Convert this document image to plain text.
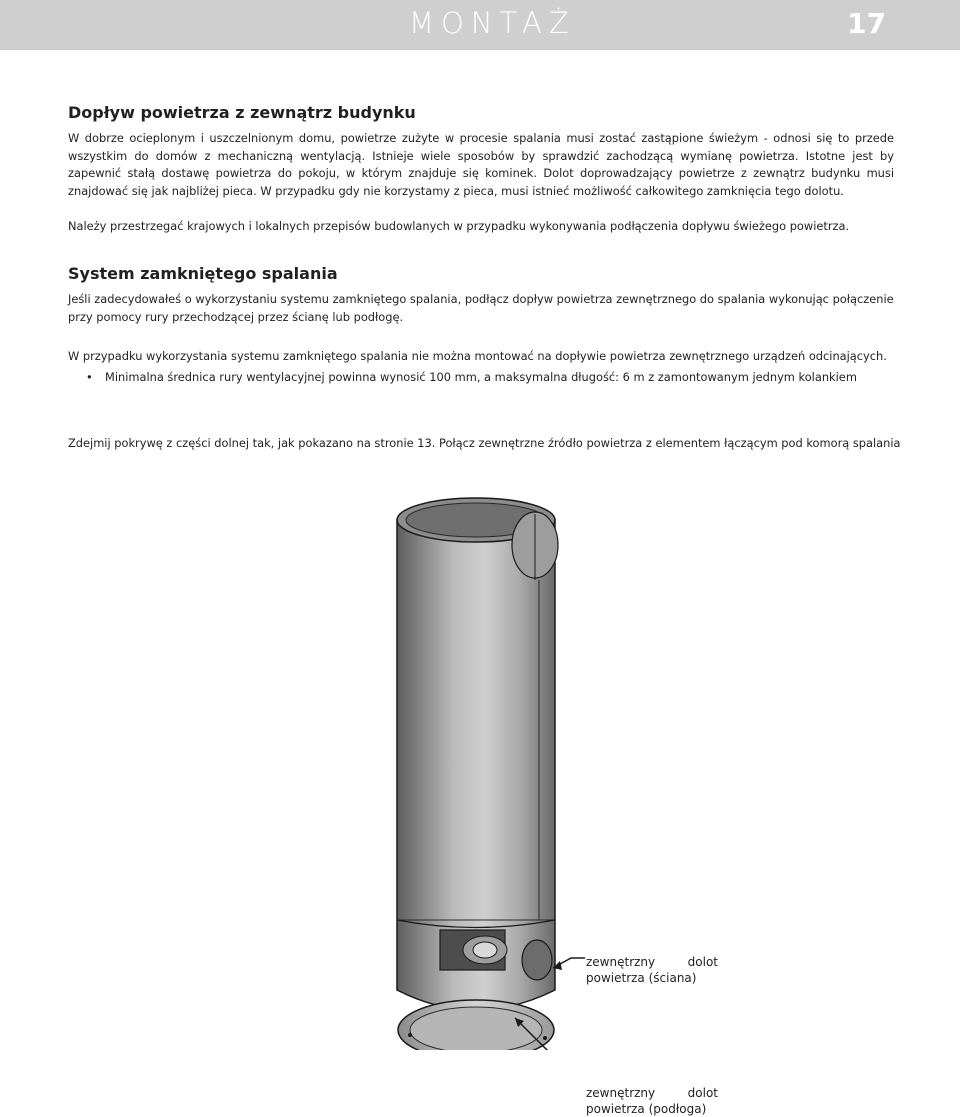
MONTAŻ	17
Dopływ powietrza z zewnątrz budynku

W dobrze ocieplonym i uszczelnionym domu, powietrze zużyte w procesie spalania musi zostać zastąpione świeżym - odnosi się to przede wszystkim do domów z mechaniczną wentylacją. Istnieje wiele sposobów by sprawdzić zachodzącą wymianę powietrza. Istotne jest by zapewnić stałą dostawę powietrza do pokoju, w którym znajduje się kominek. Dolot doprowadzający powietrze z zewnątrz budynku musi znajdować się jak najbliżej pieca. W przypadku gdy nie korzystamy z pieca, musi istnieć możliwość całkowitego zamknięcia tego dolotu.

Należy przestrzegać krajowych i lokalnych przepisów budowlanych w przypadku wykonywania podłączenia dopływu świeżego powietrza.

System zamkniętego spalania

Jeśli zadecydowałeś o wykorzystaniu systemu zamkniętego spalania, podłącz dopływ powietrza zewnętrznego do spalania wykonując połączenie przy pomocy rury przechodzącej przez ścianę lub podłogę.

W przypadku wykorzystania systemu zamkniętego spalania nie można montować na dopływie powietrza zewnętrznego urządzeń odcinających.

• Minimalna średnica rury wentylacyjnej powinna wynosić 100 mm, a maksymalna długość: 6 m z zamontowanym jednym kolankiem

Zdejmij pokrywę z części dolnej tak, jak pokazano na stronie 13. Połącz zewnętrzne źródło powietrza z elementem łączącym pod komorą spalania

zewnętrzny	dolot
powietrza (ściana)
zewnętrzny	dolot
powietrza (podłoga)
